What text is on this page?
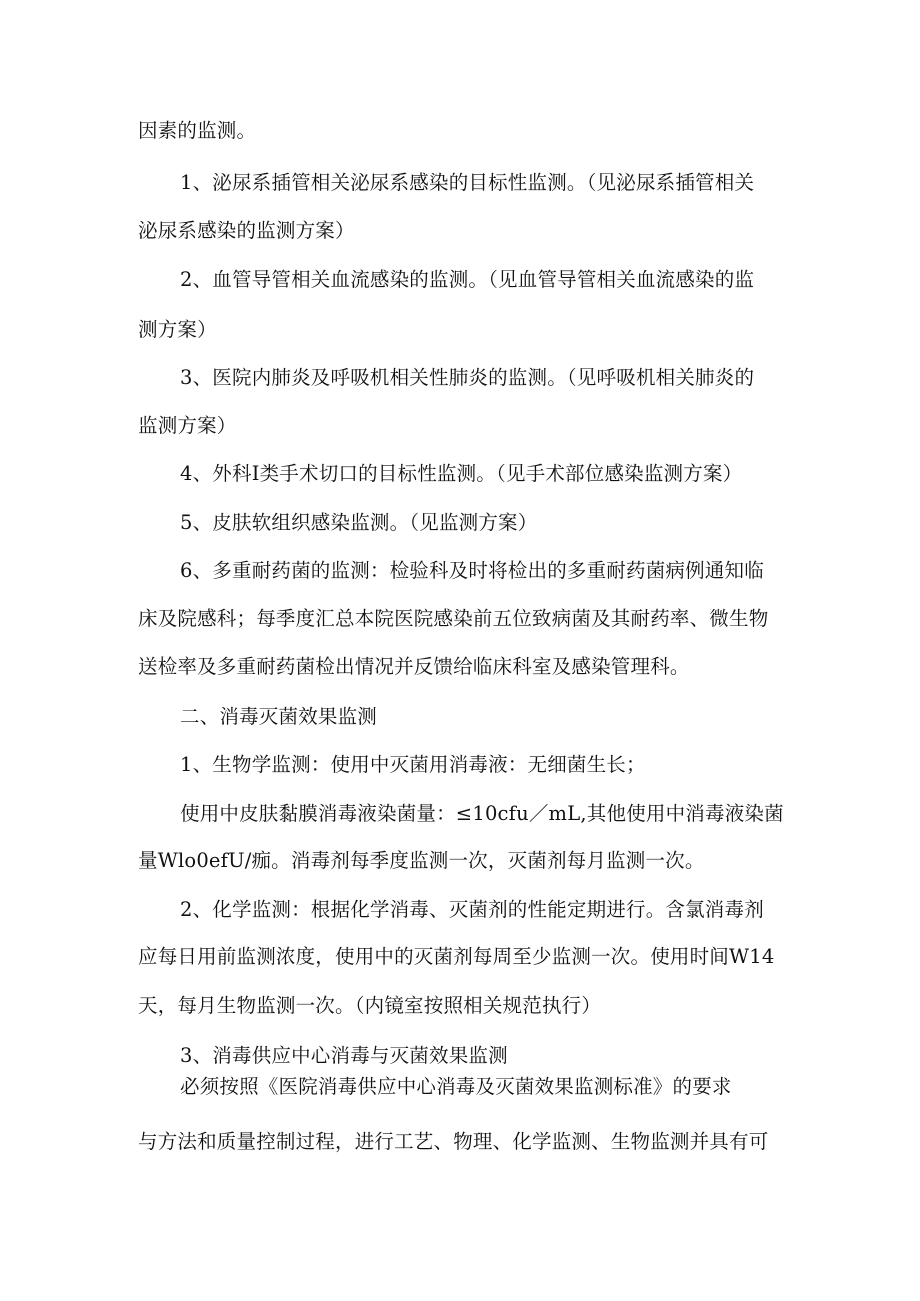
因素的监测。
1、泌尿系插管相关泌尿系感染的目标性监测。（见泌尿系插管相关
泌尿系感染的监测方案）
2、血管导管相关血流感染的监测。（见血管导管相关血流感染的监
测方案）
3、医院内肺炎及呼吸机相关性肺炎的监测。（见呼吸机相关肺炎的
监测方案）
4、外科Ⅰ类手术切口的目标性监测。（见手术部位感染监测方案）
5、皮肤软组织感染监测。（见监测方案）
6、多重耐药菌的监测：检验科及时将检出的多重耐药菌病例通知临
床及院感科；每季度汇总本院医院感染前五位致病菌及其耐药率、微生物
送检率及多重耐药菌检出情况并反馈给临床科室及感染管理科。
二、消毒灭菌效果监测
1、生物学监测：使用中灭菌用消毒液：无细菌生长；
使用中皮肤黏膜消毒液染菌量：≤10cfu／mL,其他使用中消毒液染菌
量Wlo0efU/痂。消毒剂每季度监测一次，灭菌剂每月监测一次。
2、化学监测：根据化学消毒、灭菌剂的性能定期进行。含氯消毒剂
应每日用前监测浓度，使用中的灭菌剂每周至少监测一次。使用时间W14
天，每月生物监测一次。（内镜室按照相关规范执行）
3、消毒供应中心消毒与灭菌效果监测
必须按照《医院消毒供应中心消毒及灭菌效果监测标准》的要求
与方法和质量控制过程，进行工艺、物理、化学监测、生物监测并具有可
